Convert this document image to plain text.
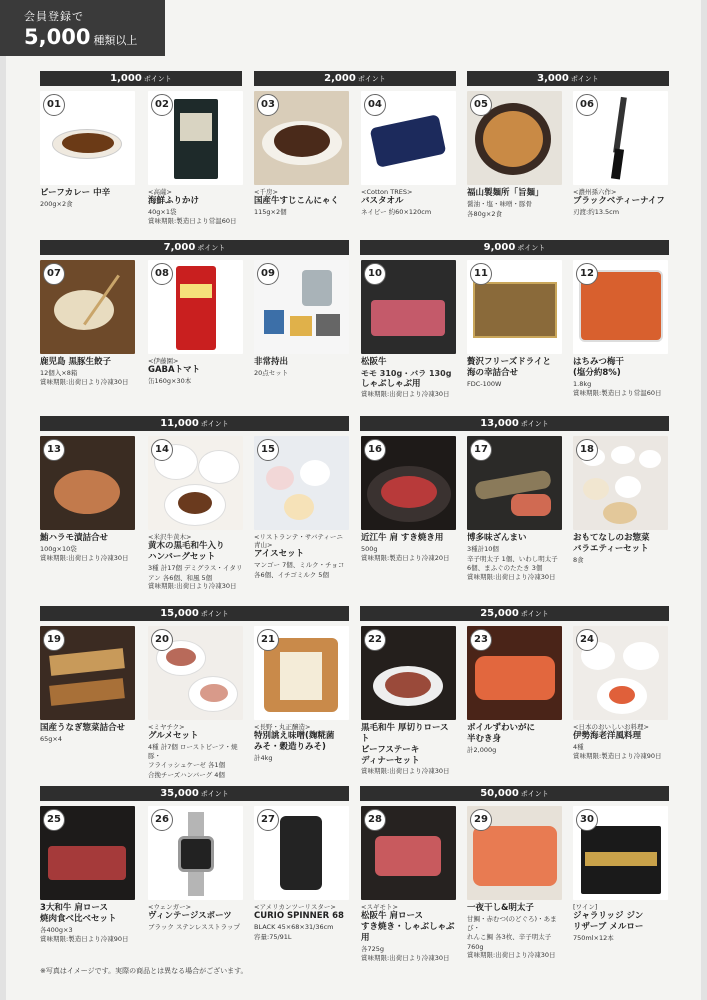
会員登録で
5,000 種類以上
1,000 ポイント	2,000 ポイント	3,000 ポイント
7,000 ポイント	9,000 ポイント
11,000 ポイント	13,000 ポイント
15,000 ポイント	25,000 ポイント
35,000 ポイント	50,000 ポイント
01
ビーフカレー 中辛
200g×2食
02
<高薩>
海鮮ふりかけ
40g×1袋
賞味期限:製造日より常温60日
03
<千房>
国産牛すじこんにゃく
115g×2個
04
<Cotton TRES>
バスタオル
ネイビー 約60×120cm
05
福山製麺所「旨麺」
醤油・塩・味噌・豚骨
各80g×2食
06
<濃州孫六作>
ブラックベティーナイフ
刃渡:約13.5cm
07
鹿児島 黒豚生餃子
12個入×8箱
賞味期限:出荷日より冷凍30日
08
<伊藤園>
GABAトマト
缶160g×30本
09
非常持出
20点セット
10
松阪牛
モモ 310g・バラ 130g
しゃぶしゃぶ用
賞味期限:出荷日より冷凍30日
11
贅沢フリーズドライと
海の幸詰合せ
FDC-100W
12
はちみつ梅干
(塩分約8%)
1.8kg
賞味期限:製造日より常温60日
13
鮪ハラモ漬詰合せ
100g×10袋
賞味期限:出荷日より冷凍30日
14
<米沢牛黄木>
黄木の黒毛和牛入り
ハンバーグセット
3種 計17個 デミグラス・イタリ
アン 各6個、和風 5個
賞味期限:出荷日より冷凍30日
15
<リストランテ・サバティーニ青山>
アイスセット
マンゴー 7個、ミルク・チョコ
各6個、イチゴミルク 5個
16
近江牛 肩 すき焼き用
500g
賞味期限:製造日より冷凍20日
17
博多味ざんまい
3種計10個
辛子明太子 1個、いわし明太子
6個、まふぐのたたき 3個
賞味期限:出荷日より冷凍30日
18
おもてなしのお惣菜
バラエティーセット
8食
19
国産うなぎ惣菜詰合せ
65g×4
20
<ミヤチク>
グルメセット
4種 計7個 ローストビーフ・焼豚・
フライッシュケーゼ 各1個
合挽チーズハンバーグ 4個
21
<長野・丸正醸造>
特別誂え味噌(麹糀菌
みそ・穀造りみそ)
計4kg
22
黒毛和牛 厚切りロースト
ビーフステーキ
ディナーセット
賞味期限:出荷日より冷凍30日
23
ボイルずわいがに
半むき身
計2,000g
24
<日本のおいしいお料理>
伊勢海老洋風料理
4種
賞味期限:製造日より冷凍90日
25
3大和牛 肩ロース
焼肉食べ比べセット
各400g×3
賞味期限:製造日より冷凍90日
26
<ウェンガー>
ヴィンテージスポーツ
ブラック ステンレスストラップ
27
<アメリカンツーリスター>
CURIO SPINNER 68
BLACK 45×68×31/36cm
容量:75/91L
28
<スギモト>
松阪牛 肩ロース
すき焼き・しゃぶしゃぶ用
各725g
賞味期限:出荷日より冷凍30日
29
一夜干し&明太子
甘鯛・赤むつ(のどぐろ)・あまび・
れんこ鯛 各3枚、辛子明太子
760g
賞味期限:出荷日より冷凍30日
30
[ワイン]
ジャラリッジ ジン
リザーブ メルロー
750ml×12本
※写真はイメージです。実際の商品とは異なる場合がございます。
